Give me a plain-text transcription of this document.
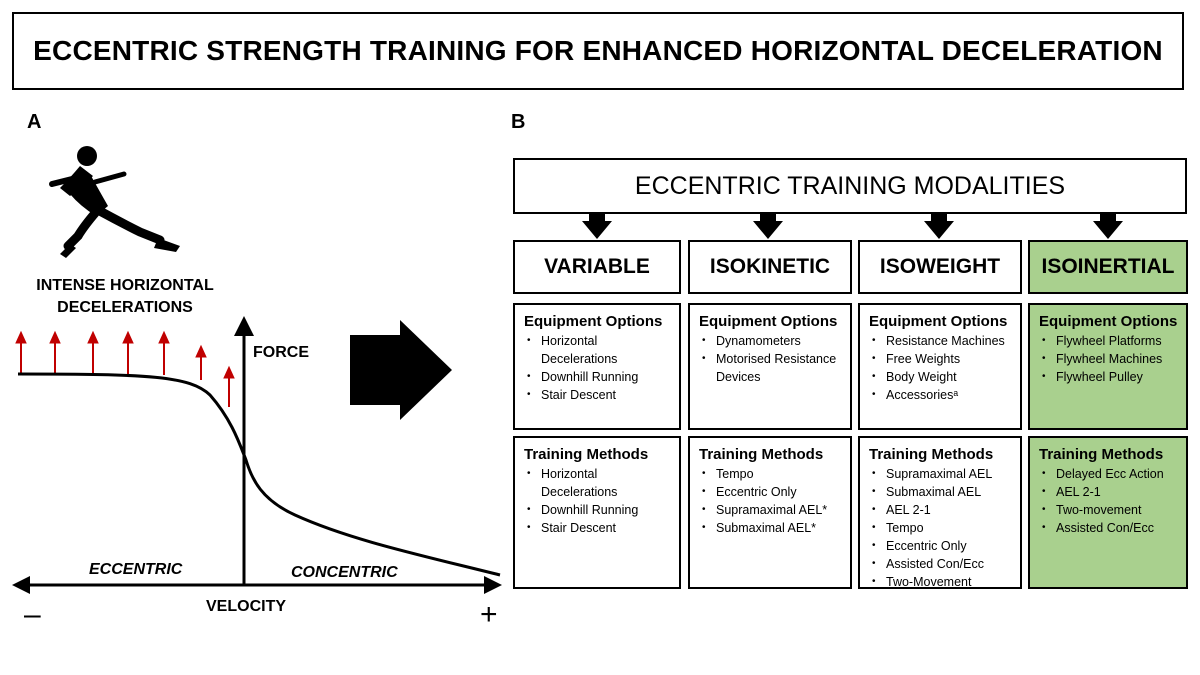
ECCENTRIC STRENGTH TRAINING FOR ENHANCED HORIZONTAL DECELERATION
A	B
INTENSE HORIZONTAL
DECELERATIONS
FORCE
ECCENTRIC	CONCENTRIC
VELOCITY
–	+
ECCENTRIC TRAINING MODALITIES
VARIABLE	ISOKINETIC ISOWEIGHT ISOINERTIAL
Equipment Options
• Horizontal Decelerations
• Downhill Running
• Stair Descent
Equipment Options
• Dynamometers
• Motorised Resistance Devices
Equipment Options
• Resistance Machines
• Free Weights
• Body Weight
• Accessoriesᵃ
Equipment Options
• Flywheel Platforms
• Flywheel Machines
• Flywheel Pulley
Training Methods
• Horizontal Decelerations
• Downhill Running
• Stair Descent
Training Methods
• Tempo
• Eccentric Only
• Supramaximal AEL*
• Submaximal AEL*
Training Methods
• Supramaximal AEL
• Submaximal AEL
• AEL 2-1
• Tempo
• Eccentric Only
• Assisted Con/Ecc
• Two-Movement
Training Methods
• Delayed Ecc Action
• AEL 2-1
• Two-movement
• Assisted Con/Ecc
